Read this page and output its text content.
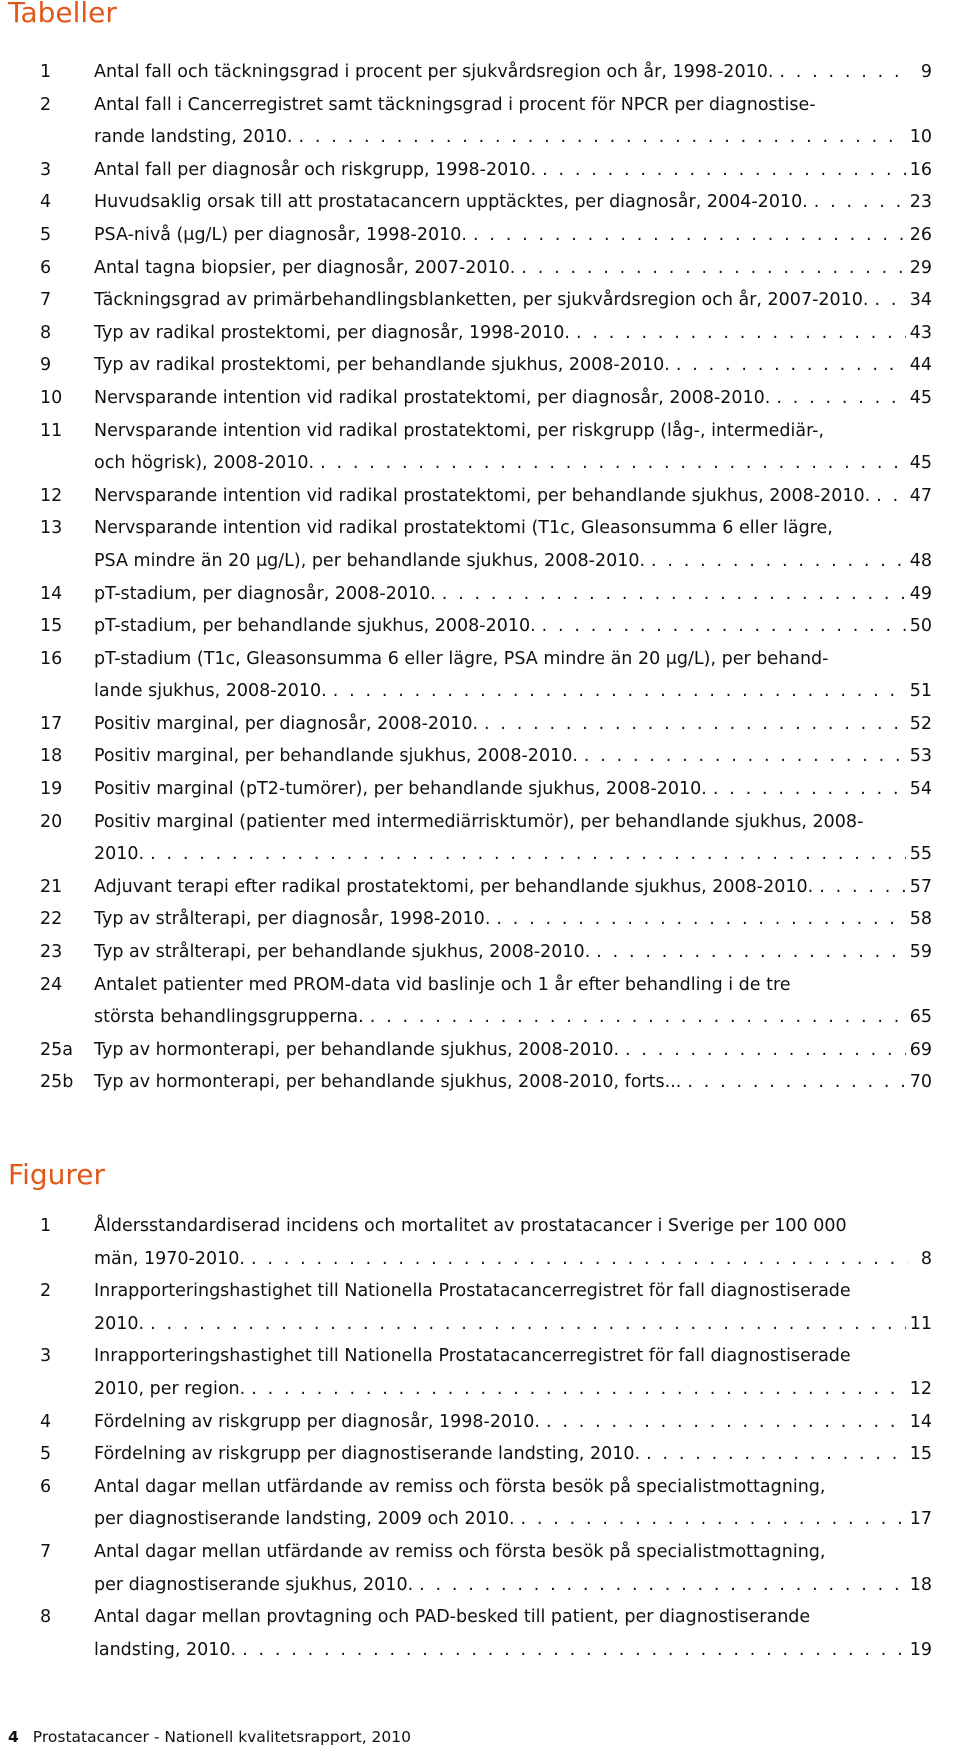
Tabeller
1 Antal fall och täckningsgrad i procent per sjukvårdsregion och år, 1998-2010. . . .	9
2 Antal fall i Cancerregistret samt täckningsgrad i procent för NPCR per diagnostise-
rande landsting, 2010. . . .	10
3 Antal fall per diagnosår och riskgrupp, 1998-2010. . . .	16
4 Huvudsaklig orsak till att prostatacancern upptäcktes, per diagnosår, 2004-2010. . . .	23
5 PSA-nivå (μg/L) per diagnosår, 1998-2010. . . .	26
6 Antal tagna biopsier, per diagnosår, 2007-2010. . . .	29
7 Täckningsgrad av primärbehandlingsblanketten, per sjukvårdsregion och år, 2007-2010. . . . 34
8 Typ av radikal prostektomi, per diagnosår, 1998-2010. . . .	43
9 Typ av radikal prostektomi, per behandlande sjukhus, 2008-2010. . . .	44
10 Nervsparande intention vid radikal prostatektomi, per diagnosår, 2008-2010. . . .	45
11 Nervsparande intention vid radikal prostatektomi, per riskgrupp (låg-, intermediär-,
och högrisk), 2008-2010. . . .	45
12 Nervsparande intention vid radikal prostatektomi, per behandlande sjukhus, 2008-2010. . . . 47
13 Nervsparande intention vid radikal prostatektomi (T1c, Gleasonsumma 6 eller lägre,
PSA mindre än 20 μg/L), per behandlande sjukhus, 2008-2010. . . .	48
14 pT-stadium, per diagnosår, 2008-2010. . . .	49
15 pT-stadium, per behandlande sjukhus, 2008-2010. . . .	50
16 pT-stadium (T1c, Gleasonsumma 6 eller lägre, PSA mindre än 20 μg/L), per behand-
lande sjukhus, 2008-2010. . . .	51
17 Positiv marginal, per diagnosår, 2008-2010. . . .	52
18 Positiv marginal, per behandlande sjukhus, 2008-2010. . . .	53
19 Positiv marginal (pT2-tumörer), per behandlande sjukhus, 2008-2010. . . .	54
20 Positiv marginal (patienter med intermediärrisktumör), per behandlande sjukhus, 2008-
2010. . . .	55
21 Adjuvant terapi efter radikal prostatektomi, per behandlande sjukhus, 2008-2010. . . .	57
22 Typ av strålterapi, per diagnosår, 1998-2010. . . .	58
23 Typ av strålterapi, per behandlande sjukhus, 2008-2010. . . .	59
24 Antalet patienter med PROM-data vid baslinje och 1 år efter behandling i de tre
största behandlingsgrupperna. . . .	65
25a Typ av hormonterapi, per behandlande sjukhus, 2008-2010. . . .	69
25b Typ av hormonterapi, per behandlande sjukhus, 2008-2010, forts... . . .	70
Figurer
1 Åldersstandardiserad incidens och mortalitet av prostatacancer i Sverige per 100 000
män, 1970-2010. . . .	8
2 Inrapporteringshastighet till Nationella Prostatacancerregistret för fall diagnostiserade
2010. . . .	11
3 Inrapporteringshastighet till Nationella Prostatacancerregistret för fall diagnostiserade
2010, per region. . . .	12
4 Fördelning av riskgrupp per diagnosår, 1998-2010. . . .	14
5 Fördelning av riskgrupp per diagnostiserande landsting, 2010. . . .	15
6 Antal dagar mellan utfärdande av remiss och första besök på specialistmottagning,
per diagnostiserande landsting, 2009 och 2010. . . .	17
7 Antal dagar mellan utfärdande av remiss och första besök på specialistmottagning,
per diagnostiserande sjukhus, 2010. . . .	18
8 Antal dagar mellan provtagning och PAD-besked till patient, per diagnostiserande
landsting, 2010. . . .	19
4 Prostatacancer - Nationell kvalitetsrapport, 2010
